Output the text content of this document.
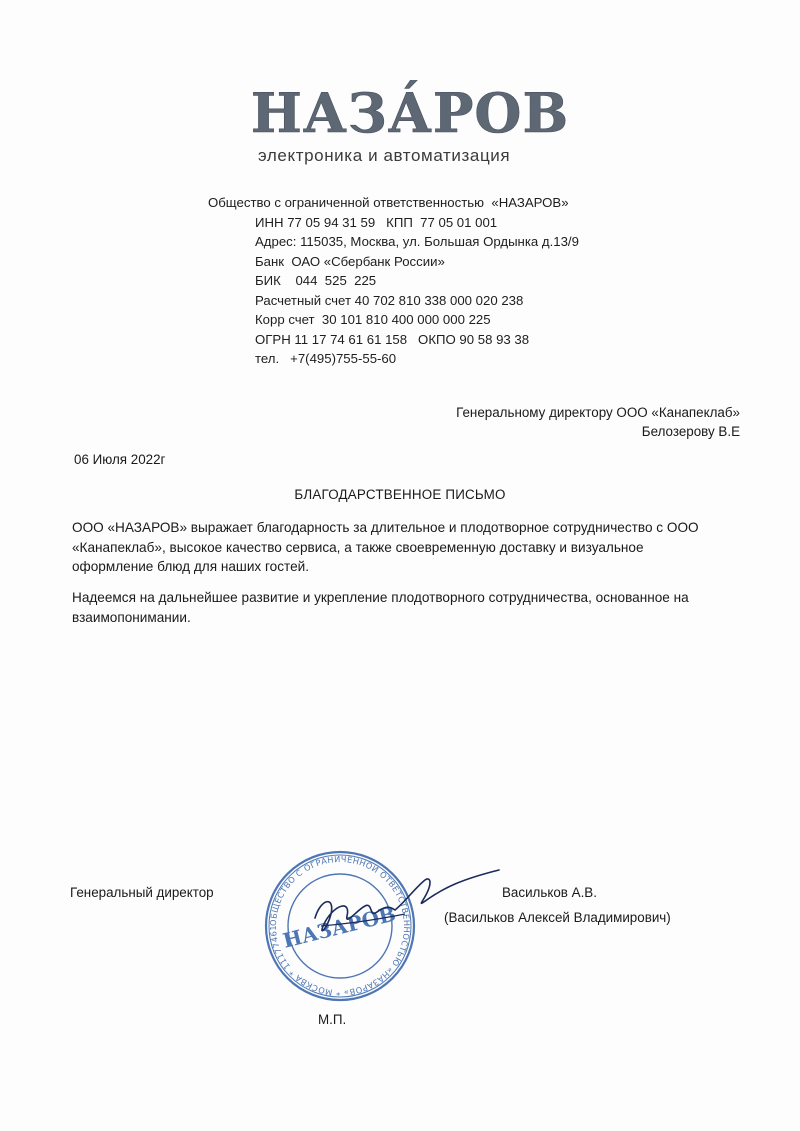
НАЗА́РОВ
электроника и автоматизация
Общество с ограниченной ответственностью  «НАЗАРОВ»
ИНН 77 05 94 31 59   КПП  77 05 01 001
Адрес: 115035, Москва, ул. Большая Ордынка д.13/9
Банк  ОАО «Сбербанк России»
БИК    044  525  225
Расчетный счет 40 702 810 338 000 020 238
Корр счет  30 101 810 400 000 000 225
ОГРН 11 17 74 61 61 158   ОКПО 90 58 93 38
тел.   +7(495)755-55-60
Генеральному директору ООО «Канапеклаб»
Белозерову В.Е
06 Июля 2022г
БЛАГОДАРСТВЕННОЕ ПИСЬМО
ООО «НАЗАРОВ» выражает благодарность за длительное и плодотворное сотрудничество с ООО «Канапеклаб», высокое качество сервиса, а также своевременную доставку и визуальное оформление блюд для наших гостей.
Надеемся на дальнейшее развитие и укрепление плодотворного сотрудничества, основанное на взаимопонимании.
Генеральный директор
ОБЩЕСТВО С ОГРАНИЧЕННОЙ ОТВЕТСТВЕННОСТЬЮ «НАЗАРОВ» * МОСКВА * 11177461 НАЗАРОВ
Васильков А.В.
(Васильков Алексей Владимирович)
М.П.
